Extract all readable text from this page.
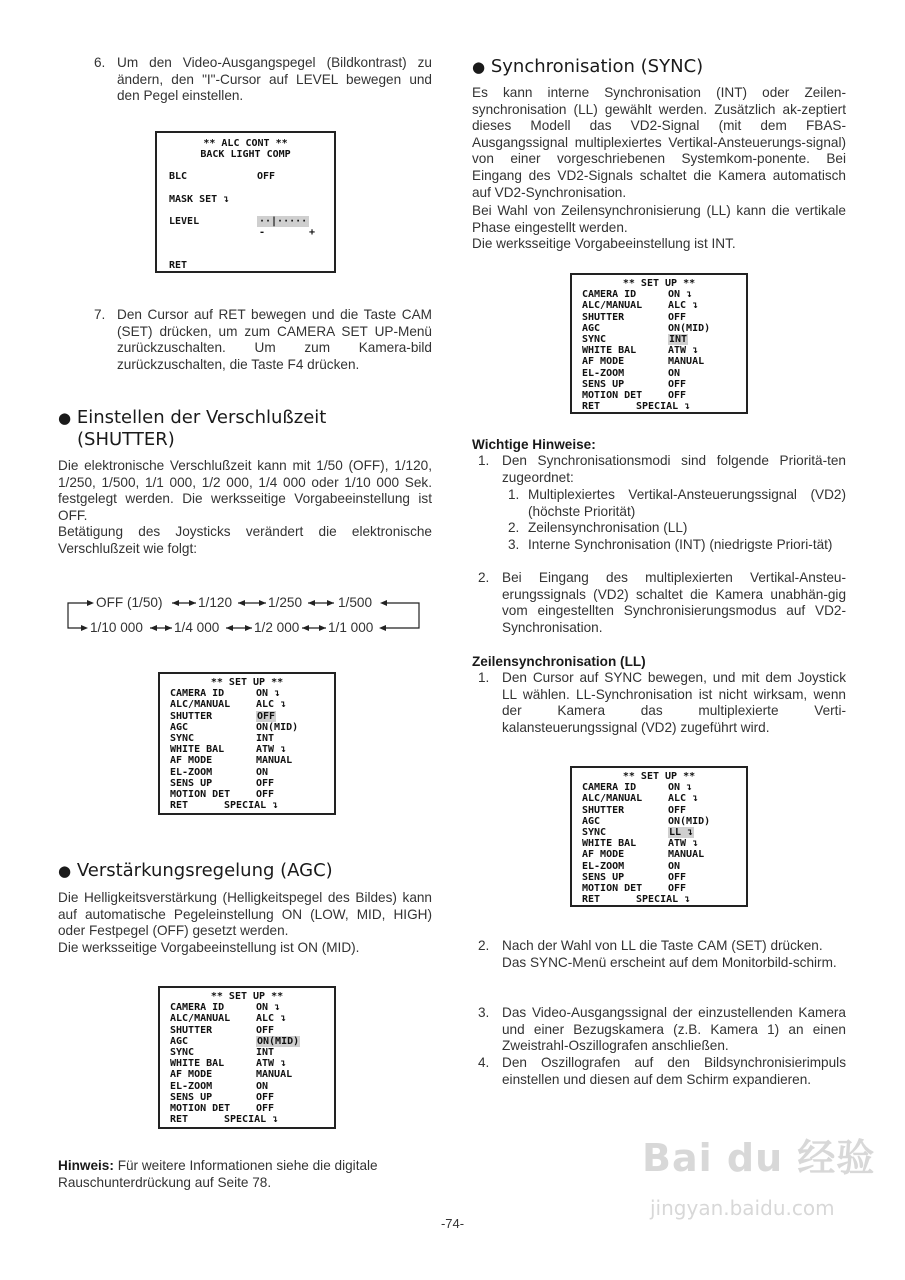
6. Um den Video-Ausgangspegel (Bildkontrast) zu ändern, den "I"-Cursor auf LEVEL bewegen und den Pegel einstellen.
** ALC CONT **
BACK LIGHT COMP
BLC	OFF
MASK SET ↴
LEVEL	··|·····
-	+
RET
7. Den Cursor auf RET bewegen und die Taste CAM (SET) drücken, um zum CAMERA SET UP-Menü zurückzuschalten. Um zum Kamera-bild zurückzuschalten, die Taste F4 drücken.
● Einstellen der Verschlußzeit
(SHUTTER)
Die elektronische Verschlußzeit kann mit 1/50 (OFF), 1/120, 1/250, 1/500, 1/1 000, 1/2 000, 1/4 000 oder 1/10 000 Sek. festgelegt werden. Die werksseitige Vorgabeeinstellung ist OFF.
Betätigung des Joysticks verändert die elektronische Verschlußzeit wie folgt:
OFF (1/50)	1/120	1/250	1/500
1/10 000 1/4 000	1/2 000 1/1 000
** SET UP **
CAMERA ID	ON ↴
ALC/MANUAL	ALC ↴
SHUTTER	OFF
AGC	ON(MID)
SYNC	INT
WHITE BAL	ATW ↴
AF MODE	MANUAL
EL-ZOOM	ON
SENS UP	OFF
MOTION DET	OFF
RET	SPECIAL ↴
● Verstärkungsregelung (AGC)
Die Helligkeitsverstärkung (Helligkeitspegel des Bildes) kann auf automatische Pegeleinstellung ON (LOW, MID, HIGH) oder Festpegel (OFF) gesetzt werden.
Die werksseitige Vorgabeeinstellung ist ON (MID).
** SET UP **
CAMERA ID	ON ↴
ALC/MANUAL	ALC ↴
SHUTTER	OFF
AGC	ON(MID)
SYNC	INT
WHITE BAL	ATW ↴
AF MODE	MANUAL
EL-ZOOM	ON
SENS UP	OFF
MOTION DET	OFF
RET	SPECIAL ↴
Hinweis: Für weitere Informationen siehe die digitale Rauschunterdrückung auf Seite 78.
● Synchronisation (SYNC)
Es kann interne Synchronisation (INT) oder Zeilen-synchronisation (LL) gewählt werden. Zusätzlich ak-zeptiert dieses Modell das VD2-Signal (mit dem FBAS-Ausgangssignal multiplexiertes Vertikal-Ansteuerungs-signal) von einer vorgeschriebenen Systemkom-ponente. Bei Eingang des VD2-Signals schaltet die Kamera automatisch auf VD2-Synchronisation.
Bei Wahl von Zeilensynchronisierung (LL) kann die vertikale Phase eingestellt werden.
Die werksseitige Vorgabeeinstellung ist INT.
** SET UP **
CAMERA ID	ON ↴
ALC/MANUAL	ALC ↴
SHUTTER	OFF
AGC	ON(MID)
SYNC	INT
WHITE BAL	ATW ↴
AF MODE	MANUAL
EL-ZOOM	ON
SENS UP	OFF
MOTION DET	OFF
RET	SPECIAL ↴
Wichtige Hinweise:
1. Den Synchronisationsmodi sind folgende Prioritä-ten zugeordnet:
1. Multiplexiertes Vertikal-Ansteuerungssignal (VD2) (höchste Priorität)
2. Zeilensynchronisation (LL)
3. Interne Synchronisation (INT) (niedrigste Priori-tät)
2. Bei Eingang des multiplexierten Vertikal-Ansteu-erungssignals (VD2) schaltet die Kamera unabhän-gig vom eingestellten Synchronisierungsmodus auf VD2-Synchronisation.
Zeilensynchronisation (LL)
1. Den Cursor auf SYNC bewegen, und mit dem Joystick LL wählen. LL-Synchronisation ist nicht wirksam, wenn der Kamera das multiplexierte Verti-kalansteuerungssignal (VD2) zugeführt wird.
** SET UP **
CAMERA ID	ON ↴
ALC/MANUAL	ALC ↴
SHUTTER	OFF
AGC	ON(MID)
SYNC	LL ↴
WHITE BAL	ATW ↴
AF MODE	MANUAL
EL-ZOOM	ON
SENS UP	OFF
MOTION DET	OFF
RET	SPECIAL ↴
2. Nach der Wahl von LL die Taste CAM (SET) drücken.
Das SYNC-Menü erscheint auf dem Monitorbild-schirm.
3. Das Video-Ausgangssignal der einzustellenden Kamera und einer Bezugskamera (z.B. Kamera 1) an einen Zweistrahl-Oszillografen anschließen.
4. Den Oszillografen auf den Bildsynchronisierimpuls einstellen und diesen auf dem Schirm expandieren.
-74-
Bai du 经验
jingyan.baidu.com
